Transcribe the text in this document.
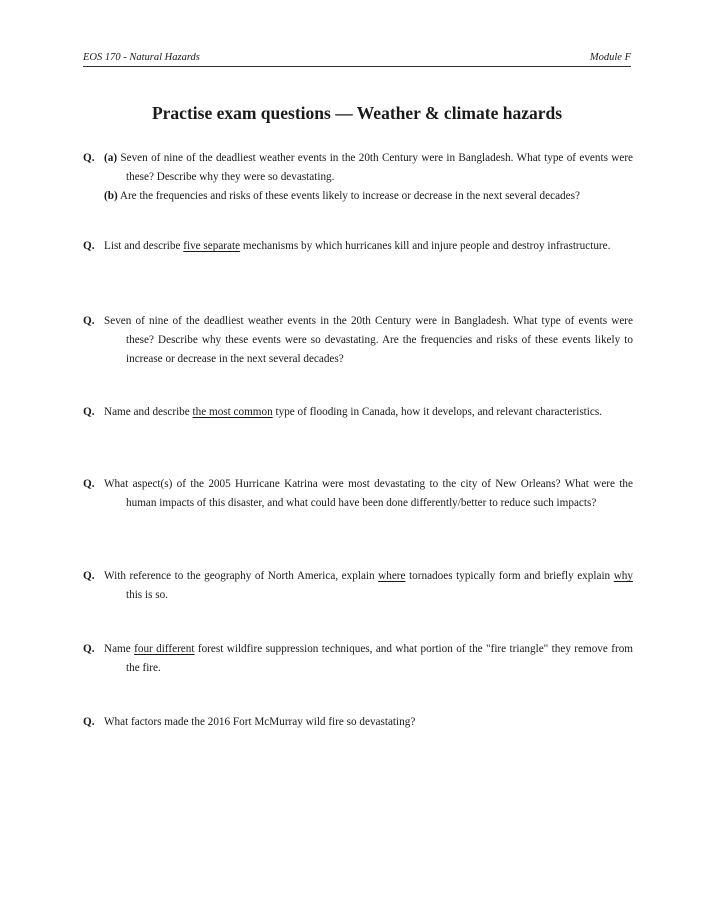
EOS 170 - Natural Hazards	Module F
Practise exam questions — Weather & climate hazards
Q. (a) Seven of nine of the deadliest weather events in the 20th Century were in Bangladesh. What type of events were these? Describe why they were so devastating.
(b) Are the frequencies and risks of these events likely to increase or decrease in the next several decades?
Q. List and describe five separate mechanisms by which hurricanes kill and injure people and destroy infrastructure.
Q. Seven of nine of the deadliest weather events in the 20th Century were in Bangladesh. What type of events were these? Describe why these events were so devastating. Are the frequencies and risks of these events likely to increase or decrease in the next several decades?
Q. Name and describe the most common type of flooding in Canada, how it develops, and relevant characteristics.
Q. What aspect(s) of the 2005 Hurricane Katrina were most devastating to the city of New Orleans? What were the human impacts of this disaster, and what could have been done differently/better to reduce such impacts?
Q. With reference to the geography of North America, explain where tornadoes typically form and briefly explain why this is so.
Q. Name four different forest wildfire suppression techniques, and what portion of the "fire triangle" they remove from the fire.
Q. What factors made the 2016 Fort McMurray wild fire so devastating?
